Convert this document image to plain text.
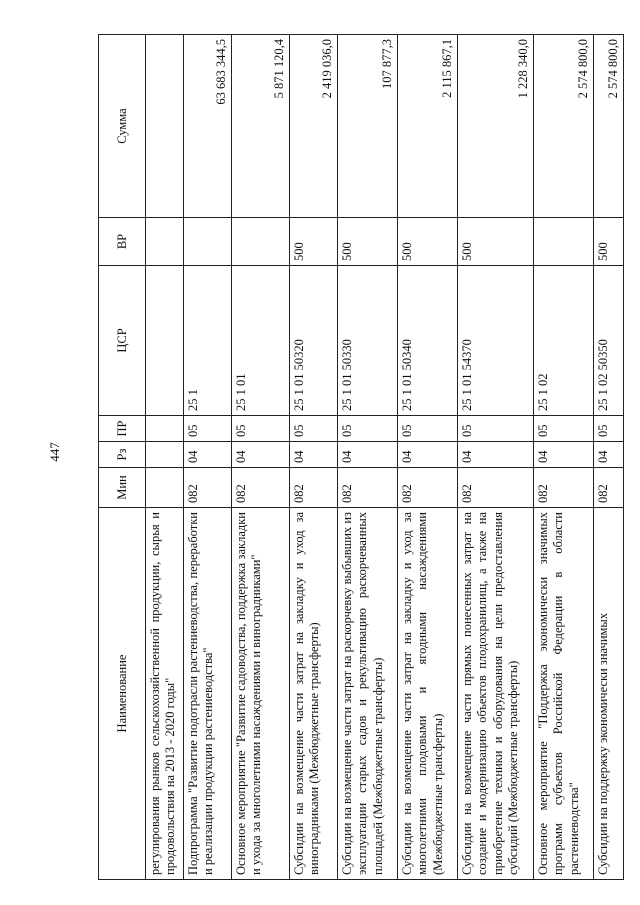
447
Наименование	Мин	Рз	ПР	ЦСР	ВР	Сумма
регулирования рынков сельскохозяйственной продукции, сырья и продовольствия на 2013 - 2020 годы"						
Подпрограмма "Развитие подотрасли растениеводства, переработки и реализации продукции растениеводства"	082	04	05	25 1		63 683 344,5
Основное мероприятие "Развитие садоводства, поддержка закладки и ухода за многолетними насаждениями и виноградниками"	082	04	05	25 1 01		5 871 120,4
Субсидии на возмещение части затрат на закладку и уход за виноградниками (Межбюджетные трансферты)	082	04	05	25 1 01 50320	500	2 419 036,0
Субсидии на возмещение части затрат на раскорчевку выбывших из эксплуатации старых садов и рекультивацию раскорчеванных площадей (Межбюджетные трансферты)	082	04	05	25 1 01 50330	500	107 877,3
Субсидии на возмещение части затрат на закладку и уход за многолетними плодовыми и ягодными насаждениями (Межбюджетные трансферты)	082	04	05	25 1 01 50340	500	2 115 867,1
Субсидии на возмещение части прямых понесенных затрат на создание и модернизацию объектов плодохранилищ, а также на приобретение техники и оборудования на цели предоставления субсидий (Межбюджетные трансферты)	082	04	05	25 1 01 54370	500	1 228 340,0
Основное мероприятие "Поддержка экономически значимых программ субъектов Российской Федерации в области растениеводства"	082	04	05	25 1 02		2 574 800,0
Субсидии на поддержку экономически значимых	082	04	05	25 1 02 50350	500	2 574 800,0
